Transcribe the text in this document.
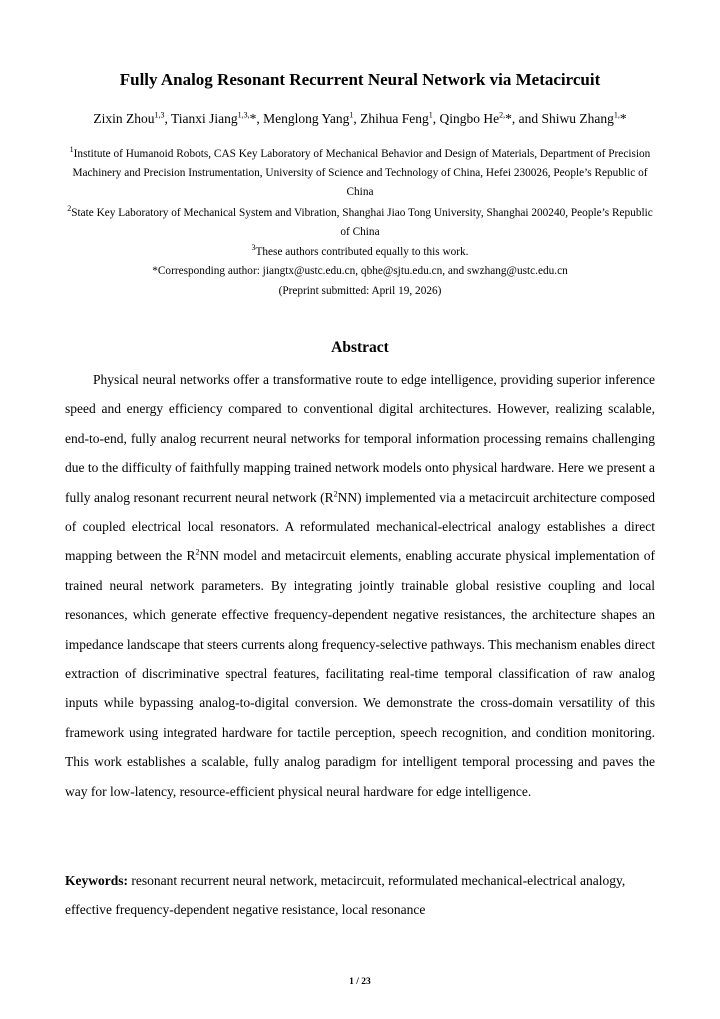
Fully Analog Resonant Recurrent Neural Network via Metacircuit
Zixin Zhou$^{1,3}$, Tianxi Jiang$^{1,3,}$*, Menglong Yang$^1$, Zhihua Feng$^1$, Qingbo $He^{2,}*$, and Shiwu Zhang$^{1,}$*

$^1$Institute of Humanoid Robots, CAS Key Laboratory of Mechanical Behavior and Design of Materials, Department of Precision Machinery and Precision Instrumentation, University of Science and Technology of China, Hefei 230026, People’s Republic of China

$^2$State Key Laboratory of Mechanical System and Vibration, Shanghai Jiao Tong University, Shanghai 200240, People’s Republic of China

$^3$These authors contributed equally to this work.

*Corresponding author: jiangtx@ustc.edu.cn, qbhe@sjtu.edu.cn, and swzhang@ustc.edu.cn

(Preprint submitted: April 19, 2026)

Abstract

Physical neural networks offer a transformative route to edge intelligence, providing superior inference speed and energy efficiency compared to conventional digital architectures. However, realizing scalable, end-to-end, fully analog recurrent neural networks for temporal information processing remains challenging due to the difficulty of faithfully mapping trained network models onto physical hardware. Here we present a fully analog resonant recurrent neural network $(R^2NN)$ implemented via a metacircuit architecture composed of coupled electrical local resonators. A reformulated mechanical-electrical analogy establishes a direct mapping between the $R^2NN$ model and metacircuit elements, enabling accurate physical implementation of trained neural network parameters. By integrating jointly trainable global resistive coupling and local resonances, which generate effective frequency-dependent negative resistances, the architecture shapes an impedance landscape that steers currents along frequency-selective pathways. This mechanism enables direct extraction of discriminative spectral features, facilitating real-time temporal classification of raw analog inputs while bypassing analog-to-digital conversion. We demonstrate the cross-domain versatility of this framework using integrated hardware for tactile perception, speech recognition, and condition monitoring. This work establishes a scalable, fully analog paradigm for intelligent temporal processing and paves the way for low-latency, resource-efficient physical neural hardware for edge intelligence.

Keywords: resonant recurrent neural network, metacircuit, reformulated mechanical-electrical analogy, effective frequency-dependent negative resistance, local resonance

1 / 23
